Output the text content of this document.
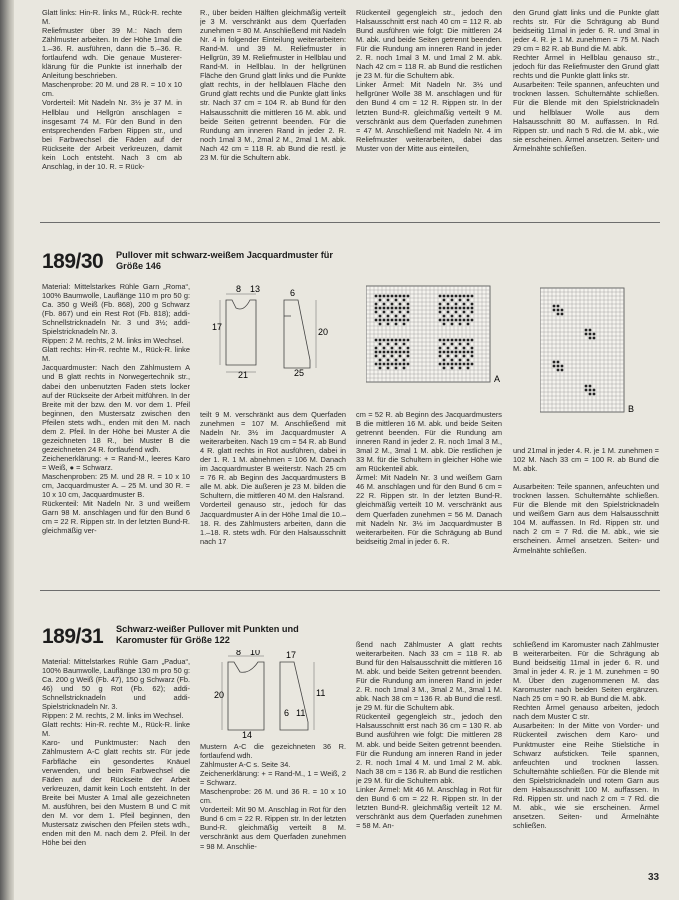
Glatt links: Hin-R. links M., Rück-R. rechte M.
Reliefmuster über 39 M.: Nach dem Zählmuster arbeiten. In der Höhe 1mal die 1.–36. R. ausführen, dann die 5.–36. R. fortlaufend wdh. Die genaue Mustererklärung für die Punkte ist innerhalb der Anleitung beschrieben.
Maschenprobe: 20 M. und 28 R. = 10 x 10 cm.
Vorderteil: Mit Nadeln Nr. 3½ je 37 M. in Hellblau und Hellgrün anschlagen = insgesamt 74 M. Für den Bund in den entsprechenden Farben Rippen str., und bei Farbwechsel die Fäden auf der Rückseite der Arbeit verkreuzen, damit kein Loch entsteht. Nach 3 cm ab Anschlag, in der 10. R. = Rück-
R., über beiden Hälften gleichmäßig verteilt je 3 M. verschränkt aus dem Querfaden zunehmen = 80 M. Anschließend mit Nadeln Nr. 4 in folgender Einteilung weiterarbeiten: Rand-M. und 39 M. Reliefmuster in Hellgrün, 39 M. Reliefmuster in Hellblau und Rand-M. in Hellblau. In der hellgrünen Fläche den Grund glatt links und die Punkte glatt rechts, in der hellblauen Fläche den Grund glatt rechts und die Punkte glatt links str. Nach 37 cm = 104 R. ab Bund für den Halsausschnitt die mittleren 16 M. abk. und beide Seiten getrennt beenden. Für die Rundung am inneren Rand in jeder 2. R. noch 1mal 3 M., 2mal 2 M., 2mal 1 M. abk. Nach 42 cm = 118 R. ab Bund die restl. je 23 M. für die Schultern abk.
Rückenteil gegengleich str., jedoch den Halsausschnitt erst nach 40 cm = 112 R. ab Bund ausführen wie folgt: Die mittleren 24 M. abk. und beide Seiten getrennt beenden. Für die Rundung am inneren Rand in jeder 2. R. noch 1mal 3 M. und 1mal 2 M. abk. Nach 42 cm = 118 R. ab Bund die restlichen je 23 M. für die Schultern abk.
Linker Ärmel: Mit Nadeln Nr. 3½ und hellgrüner Wolle 38 M. anschlagen und für den Bund 4 cm = 12 R. Rippen str. In der letzten Bund-R. gleichmäßig verteilt 9 M. verschränkt aus dem Querfaden zunehmen = 47 M. Anschließend mit Nadeln Nr. 4 im Reliefmuster weiterarbeiten, dabei das Muster von der Mitte aus einteilen,
den Grund glatt links und die Punkte glatt rechts str. Für die Schrägung ab Bund beidseitig 11mal in jeder 6. R. und 3mal in jeder 4. R. je 1 M. zunehmen = 75 M. Nach 29 cm = 82 R. ab Bund die M. abk.
Rechter Ärmel in Hellblau genauso str., jedoch für das Reliefmuster den Grund glatt rechts und die Punkte glatt links str.
Ausarbeiten: Teile spannen, anfeuchten und trocknen lassen. Schulternähte schließen. Für die Blende mit den Spielstricknadeln und hellblauer Wolle aus dem Halsausschnitt 80 M. auffassen. In Rd. Rippen str. und nach 5 Rd. die M. abk., wie sie erscheinen. Ärmel ansetzen. Seiten- und Ärmelnähte schließen.
189/30 Pullover mit schwarz-weißem Jacquardmuster für Größe 146
Material: Mittelstarkes Rühle Garn „Roma“, 100% Baumwolle, Lauflänge 110 m pro 50 g: Ca. 350 g Weiß (Fb. 868), 200 g Schwarz (Fb. 867) und ein Rest Rot (Fb. 818); addi-Schnellstricknadeln Nr. 3 und 3½; addi-Spielstricknadeln Nr. 3.
Rippen: 2 M. rechts, 2 M. links im Wechsel.
Glatt rechts: Hin-R. rechte M., Rück-R. linke M.
Jacquardmuster: Nach den Zählmustern A und B glatt rechts in Norwegertechnik str., dabei den unbenutzten Faden stets locker auf der Rückseite der Arbeit mitführen. In der Breite mit der bzw. den M. vor dem 1. Pfeil beginnen, den Mustersatz zwischen den Pfeilen stets wdh., enden mit den M. nach dem 2. Pfeil. In der Höhe bei Muster A die gezeichneten 18 R., bei Muster B die gezeichneten 24 R. fortlaufend wdh.
Zeichenerklärung: + = Rand-M., leeres Karo = Weiß, ● = Schwarz.
Maschenproben: 25 M. und 28 R. = 10 x 10 cm, Jacquardmuster A. – 25 M. und 30 R. = 10 x 10 cm, Jacquardmuster B.
Rückenteil: Mit Nadeln Nr. 3 und weißem Garn 98 M. anschlagen und für den Bund 6 cm = 22 R. Rippen str. In der letzten Bund-R. gleichmäßig ver-
8 13
21
17	20
6
25
A
B
teilt 9 M. verschränkt aus dem Querfaden zunehmen = 107 M. Anschließend mit Nadeln Nr. 3½ im Jacquardmuster A weiterarbeiten. Nach 19 cm = 54 R. ab Bund 4 R. glatt rechts in Rot ausführen, dabei in der 1. R. 1 M. abnehmen = 106 M. Danach im Jacquardmuster B weiterstr. Nach 25 cm = 76 R. ab Beginn des Jacquardmusters B alle M. abk. Die äußeren je 23 M. bilden die Schultern, die mittleren 40 M. den Halsrand.
Vorderteil genauso str., jedoch für das Jacquardmuster A in der Höhe 1mal die 10.–18. R. des Zählmusters arbeiten, dann die 1.–18. R. stets wdh. Für den Halsausschnitt nach 17
cm = 52 R. ab Beginn des Jacquardmusters B die mittleren 16 M. abk. und beide Seiten getrennt beenden. Für die Rundung am inneren Rand in jeder 2. R. noch 1mal 3 M., 3mal 2 M., 3mal 1 M. abk. Die restlichen je 33 M. für die Schultern in gleicher Höhe wie am Rückenteil abk.
Ärmel: Mit Nadeln Nr. 3 und weißem Garn 46 M. anschlagen und für den Bund 6 cm = 22 R. Rippen str. In der letzten Bund-R. gleichmäßig verteilt 10 M. verschränkt aus dem Querfaden zunehmen = 56 M. Danach mit Nadeln Nr. 3½ im Jacquardmuster B weiterarbeiten. Für die Schrägung ab Bund beidseitig 2mal in jeder 6. R.
und 21mal in jeder 4. R. je 1 M. zunehmen = 102 M. Nach 33 cm = 100 R. ab Bund die M. abk.

Ausarbeiten: Teile spannen, anfeuchten und trocknen lassen. Schulternähte schließen. Für die Blende mit den Spielstricknadeln und weißem Garn aus dem Halsausschnitt 104 M. auffassen. In Rd. Rippen str. und nach 2 cm = 7 Rd. die M. abk., wie sie erscheinen. Ärmel ansetzen. Seiten- und Ärmelnähte schließen.
189/31 Schwarz-weißer Pullover mit Punkten und Karomuster für Größe 122
Material: Mittelstarkes Rühle Garn „Padua“, 100% Baumwolle, Lauflänge 130 m pro 50 g: Ca. 200 g Weiß (Fb. 47), 150 g Schwarz (Fb. 46) und 50 g Rot (Fb. 62); addi-Schnellstricknadeln und addi-Spielstricknadeln Nr. 3.
Rippen: 2 M. rechts, 2 M. links im Wechsel.
Glatt rechts: Hin-R. rechte M., Rück-R. linke M.
Karo- und Punktmuster: Nach den Zählmustern A-C glatt rechts str. Für jede Farbfläche ein gesondertes Knäuel verwenden, und beim Farbwechsel die Fäden auf der Rückseite der Arbeit verkreuzen, damit kein Loch entsteht. In der Breite bei Muster A 1mal alle gezeichneten M. ausführen, bei den Mustern B und C mit den M. vor dem 1. Pfeil beginnen, den Mustersatz zwischen den Pfeilen stets wdh., enden mit den M. nach dem 2. Pfeil. In der Höhe bei den
8 10	17
11
6 11
20
14
Mustern A-C die gezeichneten 36 R. fortlaufend wdh.
Zählmuster A-C s. Seite 34.
Zeichenerklärung: + = Rand-M., 1 = Weiß, 2 = Schwarz.
Maschenprobe: 26 M. und 36 R. = 10 x 10 cm.
Vorderteil: Mit 90 M. Anschlag in Rot für den Bund 6 cm = 22 R. Rippen str. In der letzten Bund-R. gleichmäßig verteilt 8 M. verschränkt aus dem Querfaden zunehmen = 98 M. Anschlie-
ßend nach Zählmuster A glatt rechts weiterarbeiten. Nach 33 cm = 118 R. ab Bund für den Halsausschnitt die mittleren 16 M. abk. und beide Seiten getrennt beenden. Für die Rundung am inneren Rand in jeder 2. R. noch 1mal 3 M., 3mal 2 M., 3mal 1 M. abk. Nach 38 cm = 136 R. ab Bund die restl. je 29 M. für die Schultern abk.
Rückenteil gegengleich str., jedoch den Halsausschnitt erst nach 36 cm = 130 R. ab Bund ausführen wie folgt: Die mittleren 28 M. abk. und beide Seiten getrennt beenden. Für die Rundung am inneren Rand in jeder 2. R. noch 1mal 4 M. und 1mal 2 M. abk. Nach 38 cm = 136 R. ab Bund die restlichen je 29 M. für die Schultern abk.
Linker Ärmel: Mit 46 M. Anschlag in Rot für den Bund 6 cm = 22 R. Rippen str. In der letzten Bund-R. gleichmäßig verteilt 12 M. verschränkt aus dem Querfaden zunehmen = 58 M. An-
schließend im Karomuster nach Zählmuster B weiterarbeiten. Für die Schrägung ab Bund beidseitig 11mal in jeder 6. R. und 3mal in jeder 4. R. je 1 M. zunehmen = 90 M. Über den zugenommenen M. das Karomuster nach beiden Seiten ergänzen. Nach 25 cm = 90 R. ab Bund die M. abk.
Rechten Ärmel genauso arbeiten, jedoch nach dem Muster C str.
Ausarbeiten: In der Mitte von Vorder- und Rückenteil zwischen dem Karo- und Punktmuster eine Reihe Stielstiche in Schwarz aufsticken. Teile spannen, anfeuchten und trocknen lassen. Schulternähte schließen. Für die Blende mit den Spielstricknadeln und rotem Garn aus dem Halsausschnitt 100 M. auffassen. In Rd. Rippen str. und nach 2 cm = 7 Rd. die M. abk., wie sie erscheinen. Ärmel ansetzen. Seiten- und Ärmelnähte schließen.
33
